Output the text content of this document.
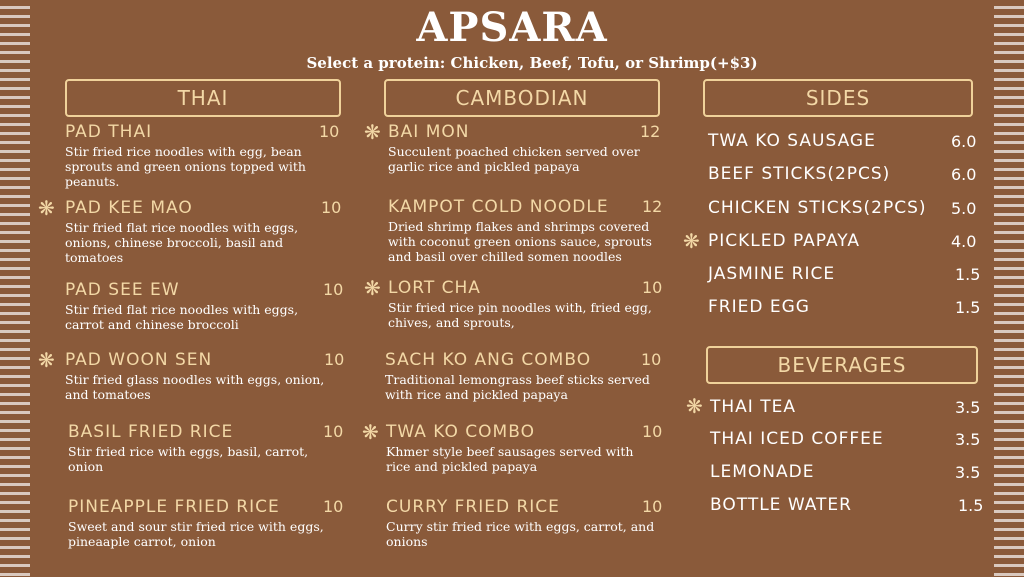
APSARA
Select a protein: Chicken, Beef, Tofu, or Shrimp(+$3)
THAI	CAMBODIAN	SIDES
BEVERAGES
PAD THAI	10
Stir fried rice noodles with egg, bean sprouts and green onions topped with peanuts.
❋ PAD KEE MAO	10
Stir fried flat rice noodles with eggs, onions, chinese broccoli, basil and tomatoes
PAD SEE EW	10
Stir fried flat rice noodles with eggs, carrot and chinese broccoli
❋ PAD WOON SEN	10
Stir fried glass noodles with eggs, onion, and tomatoes
BASIL FRIED RICE	10
Stir fried rice with eggs, basil, carrot, onion
PINEAPPLE FRIED RICE	10
Sweet and sour stir fried rice with eggs, pineaaple carrot, onion
❋ BAI MON	12
Succulent poached chicken served over garlic rice and pickled papaya
KAMPOT COLD NOODLE	12
Dried shrimp flakes and shrimps covered with coconut green onions sauce, sprouts and basil over chilled somen noodles
❋ LORT CHA	10
Stir fried rice pin noodles with, fried egg, chives, and sprouts,
SACH KO ANG COMBO	10
Traditional lemongrass beef sticks served with rice and pickled papaya
❋ TWA KO COMBO	10
Khmer style beef sausages served with rice and pickled papaya
CURRY FRIED RICE	10
Curry stir fried rice with eggs, carrot, and onions
TWA KO SAUSAGE	6.0
BEEF STICKS(2PCS)	6.0
CHICKEN STICKS(2PCS) 5.0
❋ PICKLED PAPAYA	4.0
JASMINE RICE	1.5
FRIED EGG	1.5
❋ THAI TEA	3.5
THAI ICED COFFEE	3.5
LEMONADE	3.5
BOTTLE WATER	1.5
